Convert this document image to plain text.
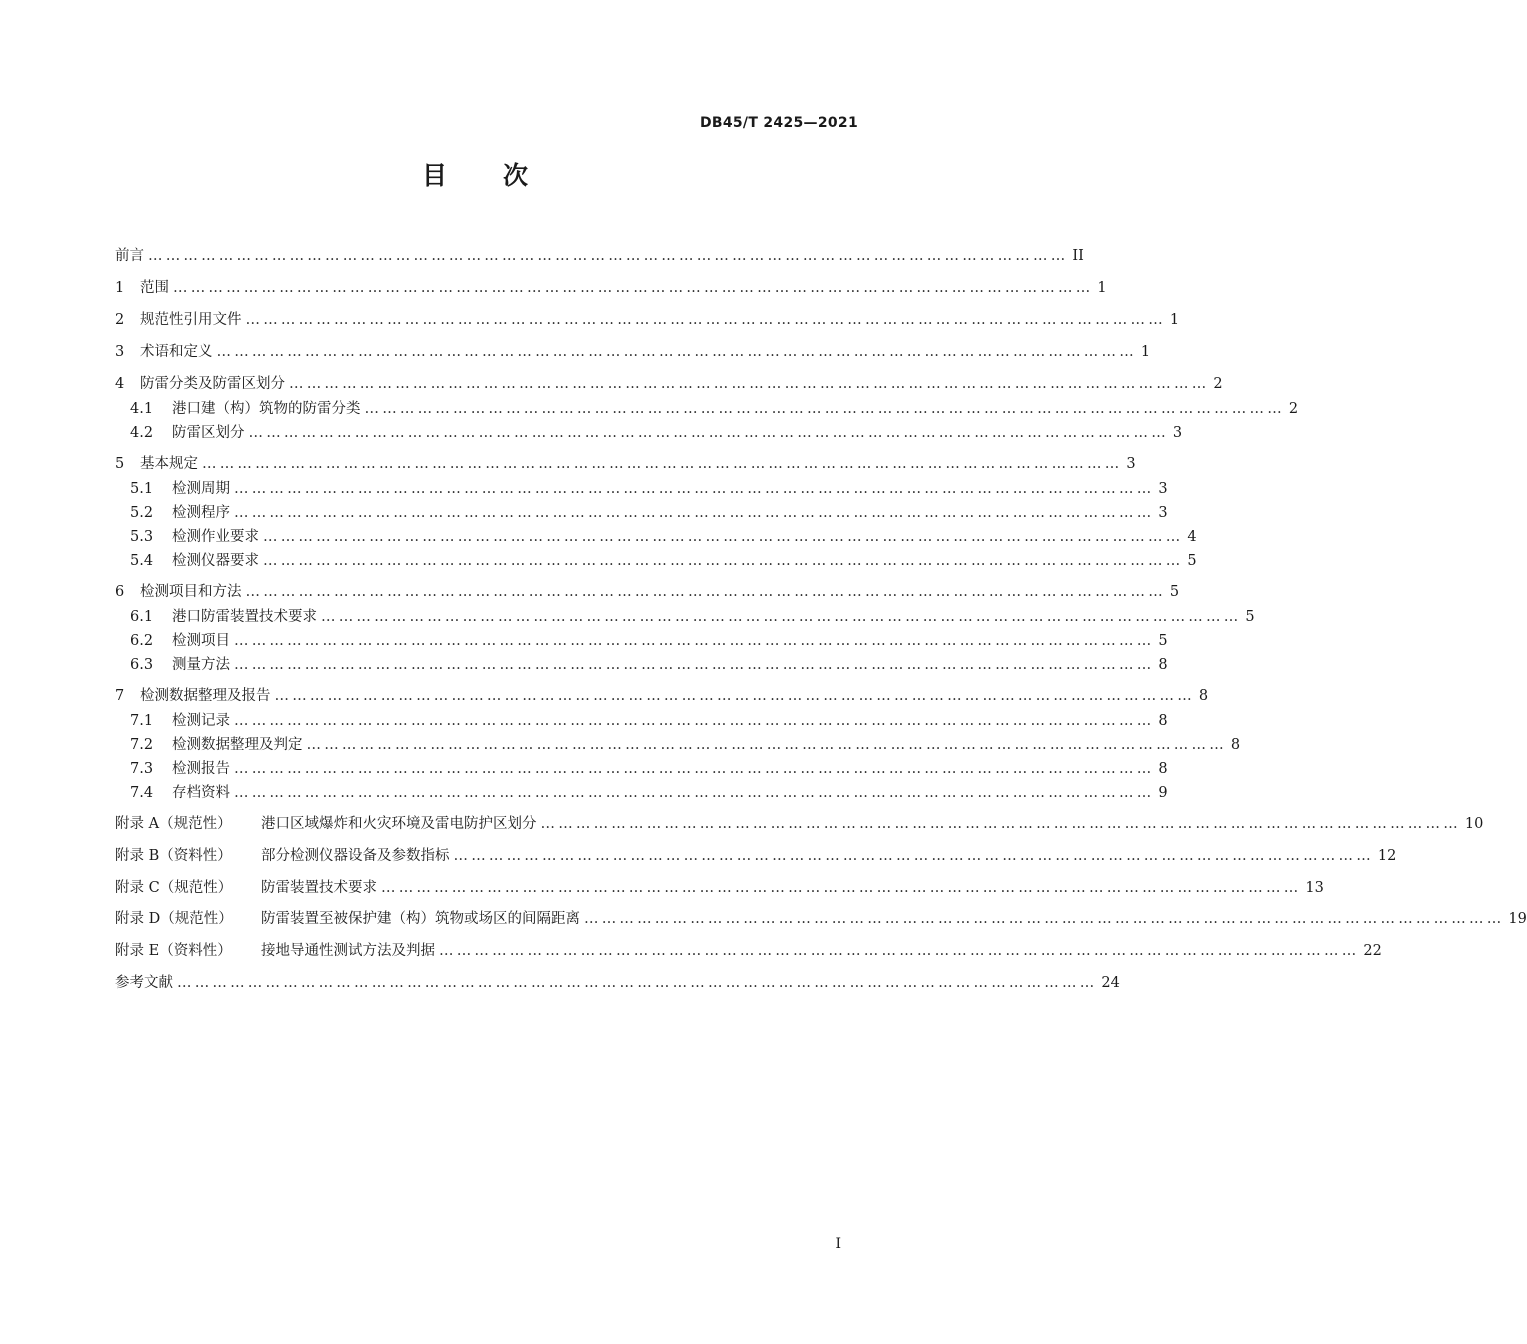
DB45/T 2425—2021
目 次
前言 ………………………………………………………………………………………………………………………………………… II
1	范围 ………………………………………………………………………………………………………………………………………… 1
2	规范性引用文件 ………………………………………………………………………………………………………………………………………… 1
3	术语和定义 ………………………………………………………………………………………………………………………………………… 1
4	防雷分类及防雷区划分 ………………………………………………………………………………………………………………………………………… 2
4.1	港口建（构）筑物的防雷分类 ………………………………………………………………………………………………………………………………………… 2
4.2	防雷区划分 ………………………………………………………………………………………………………………………………………… 3
5	基本规定 ………………………………………………………………………………………………………………………………………… 3
5.1	检测周期 ………………………………………………………………………………………………………………………………………… 3
5.2	检测程序 ………………………………………………………………………………………………………………………………………… 3
5.3	检测作业要求 ………………………………………………………………………………………………………………………………………… 4
5.4	检测仪器要求 ………………………………………………………………………………………………………………………………………… 5
6	检测项目和方法 ………………………………………………………………………………………………………………………………………… 5
6.1	港口防雷装置技术要求 ………………………………………………………………………………………………………………………………………… 5
6.2	检测项目 ………………………………………………………………………………………………………………………………………… 5
6.3	测量方法 ………………………………………………………………………………………………………………………………………… 8
7	检测数据整理及报告 ………………………………………………………………………………………………………………………………………… 8
7.1	检测记录 ………………………………………………………………………………………………………………………………………… 8
7.2	检测数据整理及判定 ………………………………………………………………………………………………………………………………………… 8
7.3	检测报告 ………………………………………………………………………………………………………………………………………… 8
7.4	存档资料 ………………………………………………………………………………………………………………………………………… 9
附录 A（规范性）	港口区域爆炸和火灾环境及雷电防护区划分 ………………………………………………………………………………………………………………………………………… 10
附录 B（资料性）	部分检测仪器设备及参数指标 ………………………………………………………………………………………………………………………………………… 12
附录 C（规范性）	防雷装置技术要求 ………………………………………………………………………………………………………………………………………… 13
附录 D（规范性）	防雷装置至被保护建（构）筑物或场区的间隔距离 ………………………………………………………………………………………………………………………………………… 19
附录 E（资料性）	接地导通性测试方法及判据 ………………………………………………………………………………………………………………………………………… 22
参考文献 ………………………………………………………………………………………………………………………………………… 24
I
